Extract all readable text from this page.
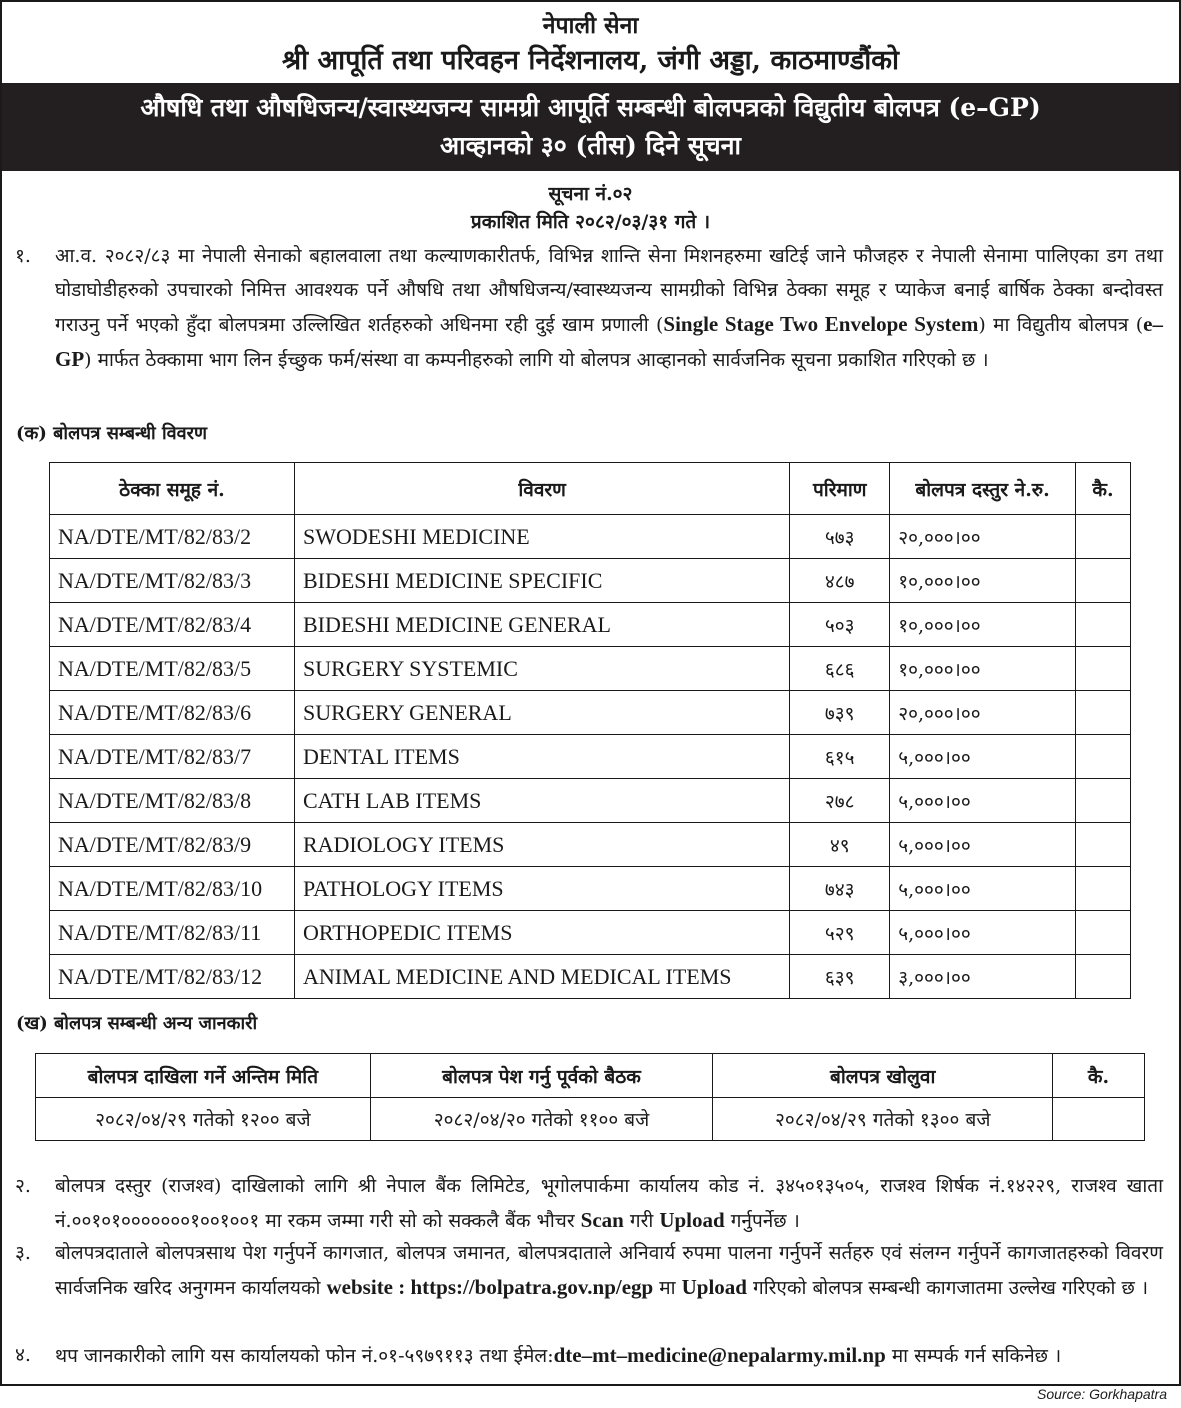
नेपाली सेना
श्री आपूर्ति तथा परिवहन निर्देशनालय, जंगी अड्डा, काठमाण्डौंको
औषधि तथा औषधिजन्य/स्वास्थ्यजन्य सामग्री आपूर्ति सम्बन्धी बोलपत्रको विद्युतीय बोलपत्र (e–GP)
आव्हानको ३० (तीस) दिने सूचना
सूचना नं.०२
प्रकाशित मिति २०८२/०३/३१ गते ।
१. आ.व. २०८२/८३ मा नेपाली सेनाको बहालवाला तथा कल्याणकारीतर्फ, विभिन्न शान्ति सेना मिशनहरुमा खटिई जाने फौजहरु र नेपाली सेनामा पालिएका डग तथा घोडाघोडीहरुको उपचारको निमित्त आवश्यक पर्ने औषधि तथा औषधिजन्य/स्वास्थ्यजन्य सामग्रीको विभिन्न ठेक्का समूह र प्याकेज बनाई बार्षिक ठेक्का बन्दोवस्त गराउनु पर्ने भएको हुँदा बोलपत्रमा उल्लिखित शर्तहरुको अधिनमा रही दुई खाम प्रणाली (Single Stage Two Envelope System) मा विद्युतीय बोलपत्र (e–GP) मार्फत ठेक्कामा भाग लिन ईच्छुक फर्म/संस्था वा कम्पनीहरुको लागि यो बोलपत्र आव्हानको सार्वजनिक सूचना प्रकाशित गरिएको छ ।
(क) बोलपत्र सम्बन्धी विवरण
ठेक्का समूह नं.	विवरण	परिमाण	बोलपत्र दस्तुर ने.रु.	कै.
NA/DTE/MT/82/83/2	SWODESHI MEDICINE	५७३	२०,०००।००	
NA/DTE/MT/82/83/3	BIDESHI MEDICINE SPECIFIC	४८७	१०,०००।००	
NA/DTE/MT/82/83/4	BIDESHI MEDICINE GENERAL	५०३	१०,०००।००	
NA/DTE/MT/82/83/5	SURGERY SYSTEMIC	६८६	१०,०००।००	
NA/DTE/MT/82/83/6	SURGERY GENERAL	७३९	२०,०००।००	
NA/DTE/MT/82/83/7	DENTAL ITEMS	६१५	५,०००।००	
NA/DTE/MT/82/83/8	CATH LAB ITEMS	२७८	५,०००।००	
NA/DTE/MT/82/83/9	RADIOLOGY ITEMS	४९	५,०००।००	
NA/DTE/MT/82/83/10	PATHOLOGY ITEMS	७४३	५,०००।००	
NA/DTE/MT/82/83/11	ORTHOPEDIC ITEMS	५२९	५,०००।००	
NA/DTE/MT/82/83/12	ANIMAL MEDICINE AND MEDICAL ITEMS	६३९	३,०००।००	
(ख) बोलपत्र सम्बन्धी अन्य जानकारी
बोलपत्र दाखिला गर्ने अन्तिम मिति	बोलपत्र पेश गर्नु पूर्वको बैठक	बोलपत्र खोलुवा	कै.
२०८२/०४/२९ गतेको १२०० बजे	२०८२/०४/२० गतेको ११०० बजे	२०८२/०४/२९ गतेको १३०० बजे	
२. बोलपत्र दस्तुर (राजश्व) दाखिलाको लागि श्री नेपाल बैंक लिमिटेड, भूगोलपार्कमा कार्यालय कोड नं. ३४५०१३५०५, राजश्व शिर्षक नं.१४२२९, राजश्व खाता नं.००१०१०००००००१००१००१ मा रकम जम्मा गरी सो को सक्कलै बैंक भौचर Scan गरी Upload गर्नुपर्नेछ ।
३. बोलपत्रदाताले बोलपत्रसाथ पेश गर्नुपर्ने कागजात, बोलपत्र जमानत, बोलपत्रदाताले अनिवार्य रुपमा पालना गर्नुपर्ने सर्तहरु एवं संलग्न गर्नुपर्ने कागजातहरुको विवरण सार्वजनिक खरिद अनुगमन कार्यालयको website : https://bolpatra.gov.np/egp मा Upload गरिएको बोलपत्र सम्बन्धी कागजातमा उल्लेख गरिएको छ ।
४. थप जानकारीको लागि यस कार्यालयको फोन नं.०१-५९७९११३ तथा ईमेल:dte–mt–medicine@nepalarmy.mil.np मा सम्पर्क गर्न सकिनेछ ।
Source: Gorkhapatra
